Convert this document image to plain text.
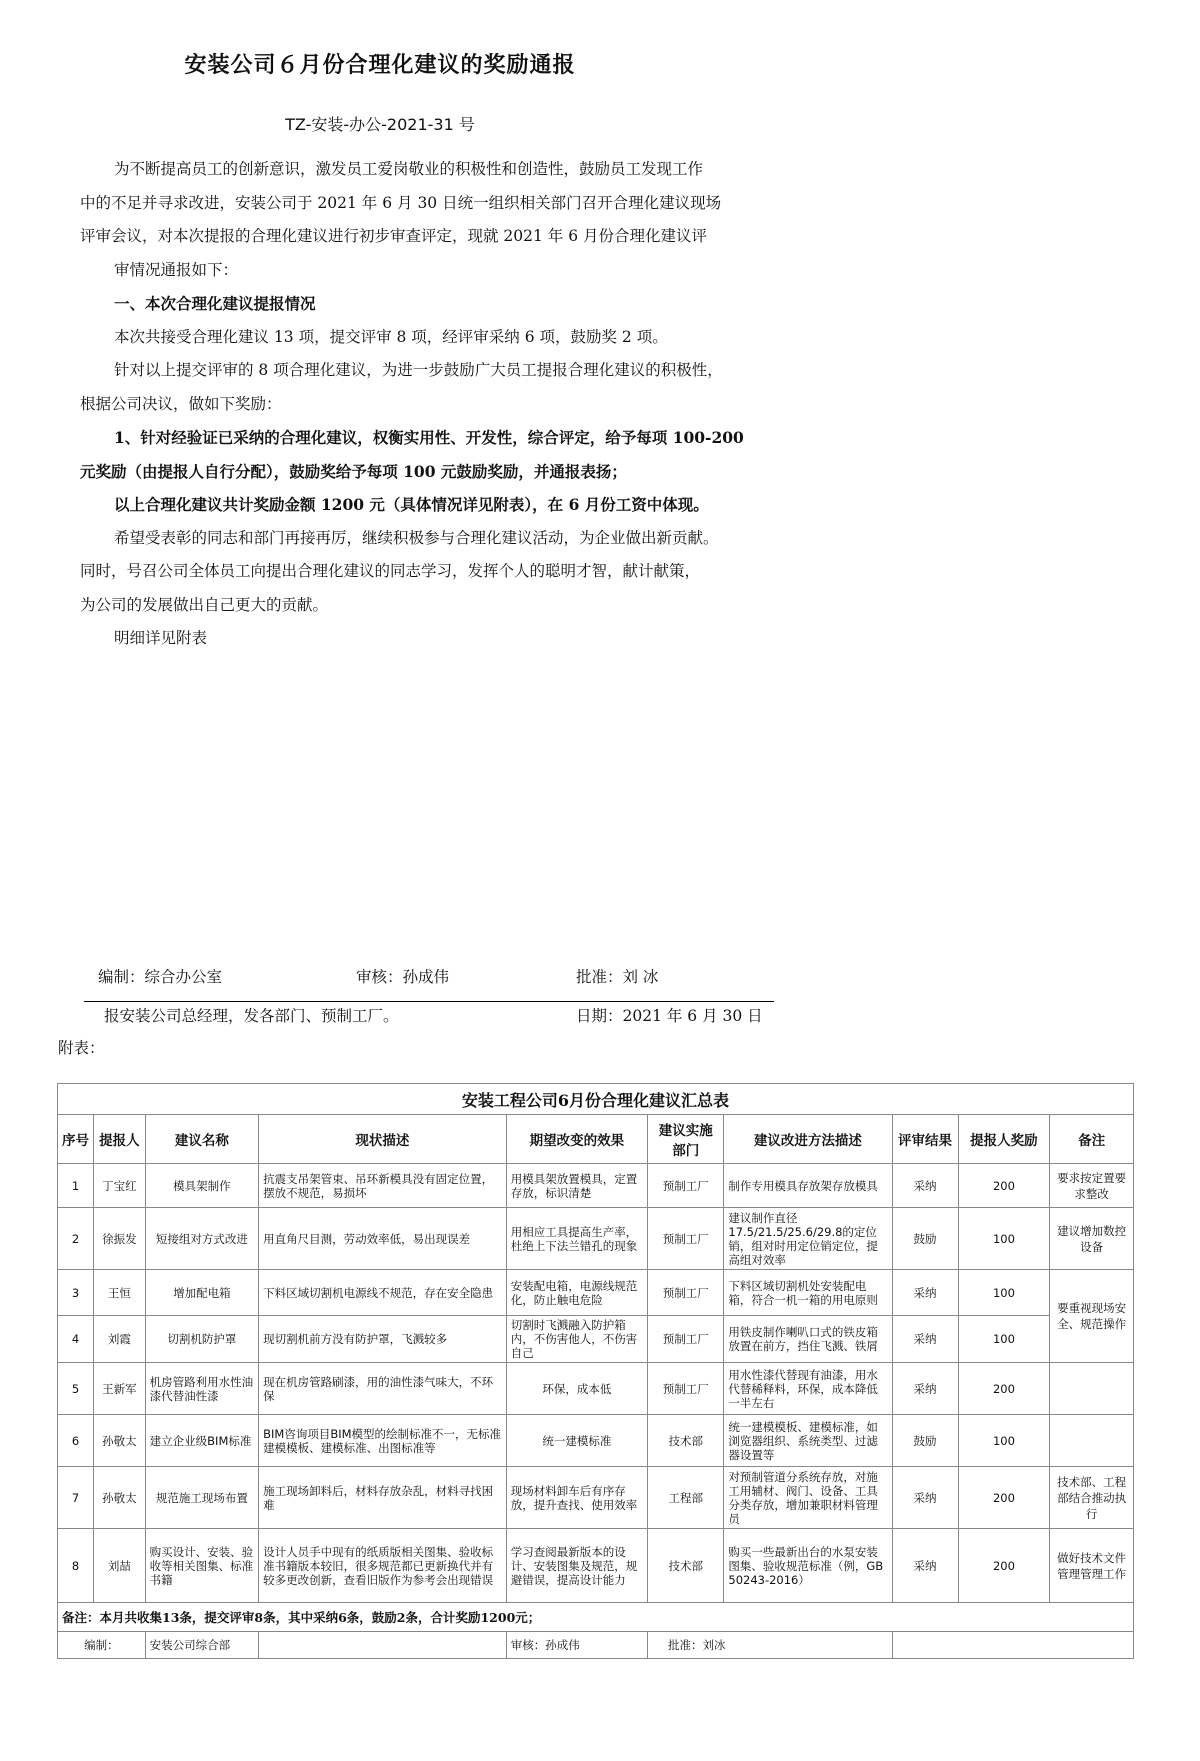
安装公司６月份合理化建议的奖励通报
TZ-安装-办公-2021-31 号

为不断提高员工的创新意识，激发员工爱岗敬业的积极性和创造性，鼓励员工发现工作

中的不足并寻求改进，安装公司于 2021 年 6 月 30 日统一组织相关部门召开合理化建议现场

评审会议，对本次提报的合理化建议进行初步审查评定，现就 2021 年 6 月份合理化建议评

审情况通报如下：

一、本次合理化建议提报情况

本次共接受合理化建议 13 项，提交评审 8 项，经评审采纳 6 项，鼓励奖 2 项。

针对以上提交评审的 8 项合理化建议，为进一步鼓励广大员工提报合理化建议的积极性，

根据公司决议，做如下奖励：

1、针对经验证已采纳的合理化建议，权衡实用性、开发性，综合评定，给予每项 100-200

元奖励（由提报人自行分配），鼓励奖给予每项 100 元鼓励奖励，并通报表扬；

以上合理化建议共计奖励金额 1200 元（具体情况详见附表），在 6 月份工资中体现。

希望受表彰的同志和部门再接再厉，继续积极参与合理化建议活动，为企业做出新贡献。

同时，号召公司全体员工向提出合理化建议的同志学习，发挥个人的聪明才智，献计献策，

为公司的发展做出自己更大的贡献。

明细详见附表

编制：综合办公室	审核：孙成伟	批准：刘 冰
报安装公司总经理，发各部门、预制工厂。	日期：2021 年 6 月 30 日
附表：
安装工程公司6月份合理化建议汇总表									
序号	提报人	建议名称	现状描述	期望改变的效果	建议实施部门	建议改进方法描述	评审结果	提报人奖励	备注
1	丁宝红	模具架制作	抗震支吊架管束、吊环新模具没有固定位置，摆放不规范，易损坏	用模具架放置模具，定置存放，标识清楚	预制工厂	制作专用模具存放架存放模具	采纳	200	要求按定置要求整改
2	徐振发	短接组对方式改进	用直角尺目测，劳动效率低，易出现误差	用相应工具提高生产率，杜绝上下法兰错孔的现象	预制工厂	建议制作直径17.5/21.5/25.6/29.8的定位销，组对时用定位销定位，提高组对效率	鼓励	100	建议增加数控设备
3	王恒	增加配电箱	下料区域切割机电源线不规范，存在安全隐患	安装配电箱，电源线规范化，防止触电危险	预制工厂	下料区域切割机处安装配电箱，符合一机一箱的用电原则	采纳	100	要重视现场安全、规范操作
4	刘霞	切割机防护罩	现切割机前方没有防护罩，飞溅较多	切割时飞溅融入防护箱内，不伤害他人，不伤害自己	预制工厂	用铁皮制作喇叭口式的铁皮箱放置在前方，挡住飞溅、铁屑	采纳	100	
5	王新军	机房管路利用水性油漆代替油性漆	现在机房管路刷漆，用的油性漆气味大，不环保	环保，成本低	预制工厂	用水性漆代替现有油漆，用水代替稀释料，环保，成本降低一半左右	采纳	200	
6	孙敬太	建立企业级BIM标准	BIM咨询项目BIM模型的绘制标准不一，无标准建模模板、建模标准、出图标准等	统一建模标准	技术部	统一建模模板、建模标准，如浏览器组织、系统类型、过滤器设置等	鼓励	100	
7	孙敬太	规范施工现场布置	施工现场卸料后，材料存放杂乱，材料寻找困难	现场材料卸车后有序存放，提升查找、使用效率	工程部	对预制管道分系统存放，对施工用辅材、阀门、设备、工具分类存放，增加兼职材料管理员	采纳	200	技术部、工程部结合推动执行
8	刘喆	购买设计、安装、验收等相关图集、标准书籍	设计人员手中现有的纸质版相关图集、验收标准书籍版本较旧，很多规范都已更新换代并有较多更改创新，查看旧版作为参考会出现错误	学习查阅最新版本的设计、安装图集及规范，规避错误，提高设计能力	技术部	购买一些最新出台的水泵安装图集、验收规范标准（例，GB 50243-2016）	采纳	200	做好技术文件管理管理工作
备注：本月共收集13条，提交评审8条，其中采纳6条，鼓励2条，合计奖励1200元；									
编制：		安装公司综合部		审核：孙成伟	批准：刘冰				
